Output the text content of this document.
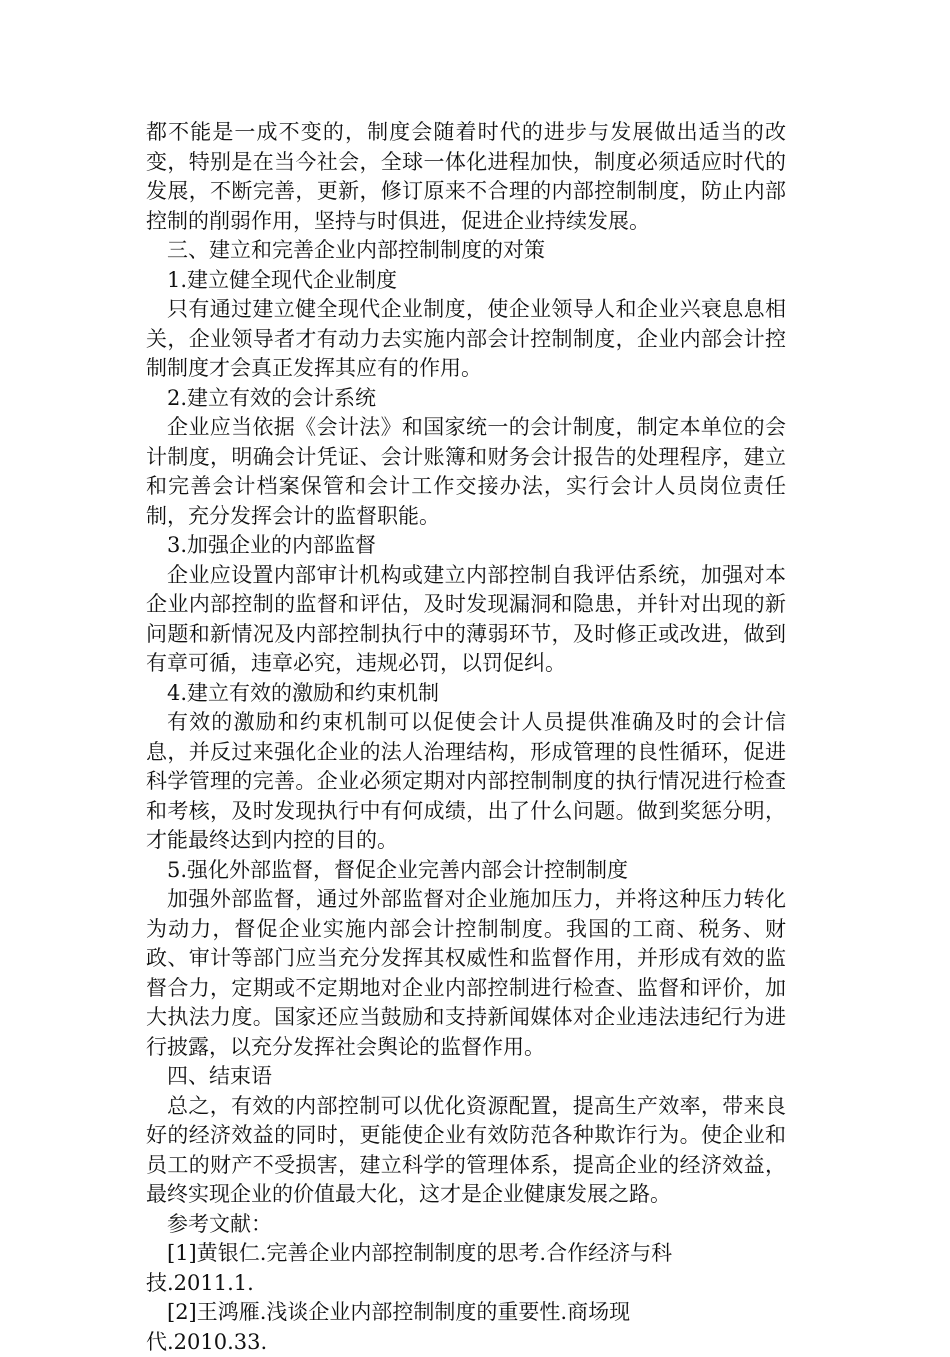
都不能是一成不变的，制度会随着时代的进步与发展做出适当的改变，特别是在当今社会，全球一体化进程加快，制度必须适应时代的发展，不断完善，更新，修订原来不合理的内部控制制度，防止内部控制的削弱作用，坚持与时俱进，促进企业持续发展。

三、建立和完善企业内部控制制度的对策

1.建立健全现代企业制度

只有通过建立健全现代企业制度，使企业领导人和企业兴衰息息相关，企业领导者才有动力去实施内部会计控制制度，企业内部会计控制制度才会真正发挥其应有的作用。

2.建立有效的会计系统

企业应当依据《会计法》和国家统一的会计制度，制定本单位的会计制度，明确会计凭证、会计账簿和财务会计报告的处理程序，建立和完善会计档案保管和会计工作交接办法，实行会计人员岗位责任制，充分发挥会计的监督职能。

3.加强企业的内部监督

企业应设置内部审计机构或建立内部控制自我评估系统，加强对本企业内部控制的监督和评估，及时发现漏洞和隐患，并针对出现的新问题和新情况及内部控制执行中的薄弱环节，及时修正或改进，做到有章可循，违章必究，违规必罚，以罚促纠。

4.建立有效的激励和约束机制

有效的激励和约束机制可以促使会计人员提供准确及时的会计信息，并反过来强化企业的法人治理结构，形成管理的良性循环，促进科学管理的完善。企业必须定期对内部控制制度的执行情况进行检查和考核，及时发现执行中有何成绩，出了什么问题。做到奖惩分明，才能最终达到内控的目的。

5.强化外部监督，督促企业完善内部会计控制制度

加强外部监督，通过外部监督对企业施加压力，并将这种压力转化为动力，督促企业实施内部会计控制制度。我国的工商、税务、财政、审计等部门应当充分发挥其权威性和监督作用，并形成有效的监督合力，定期或不定期地对企业内部控制进行检查、监督和评价，加大执法力度。国家还应当鼓励和支持新闻媒体对企业违法违纪行为进行披露，以充分发挥社会舆论的监督作用。

四、结束语

总之，有效的内部控制可以优化资源配置，提高生产效率，带来良好的经济效益的同时，更能使企业有效防范各种欺诈行为。使企业和员工的财产不受损害，建立科学的管理体系，提高企业的经济效益，最终实现企业的价值最大化，这才是企业健康发展之路。

参考文献：

[1]黄银仁.完善企业内部控制制度的思考.合作经济与科

技.2011.1.

[2]王鸿雁.浅谈企业内部控制制度的重要性.商场现

代.2010.33.
